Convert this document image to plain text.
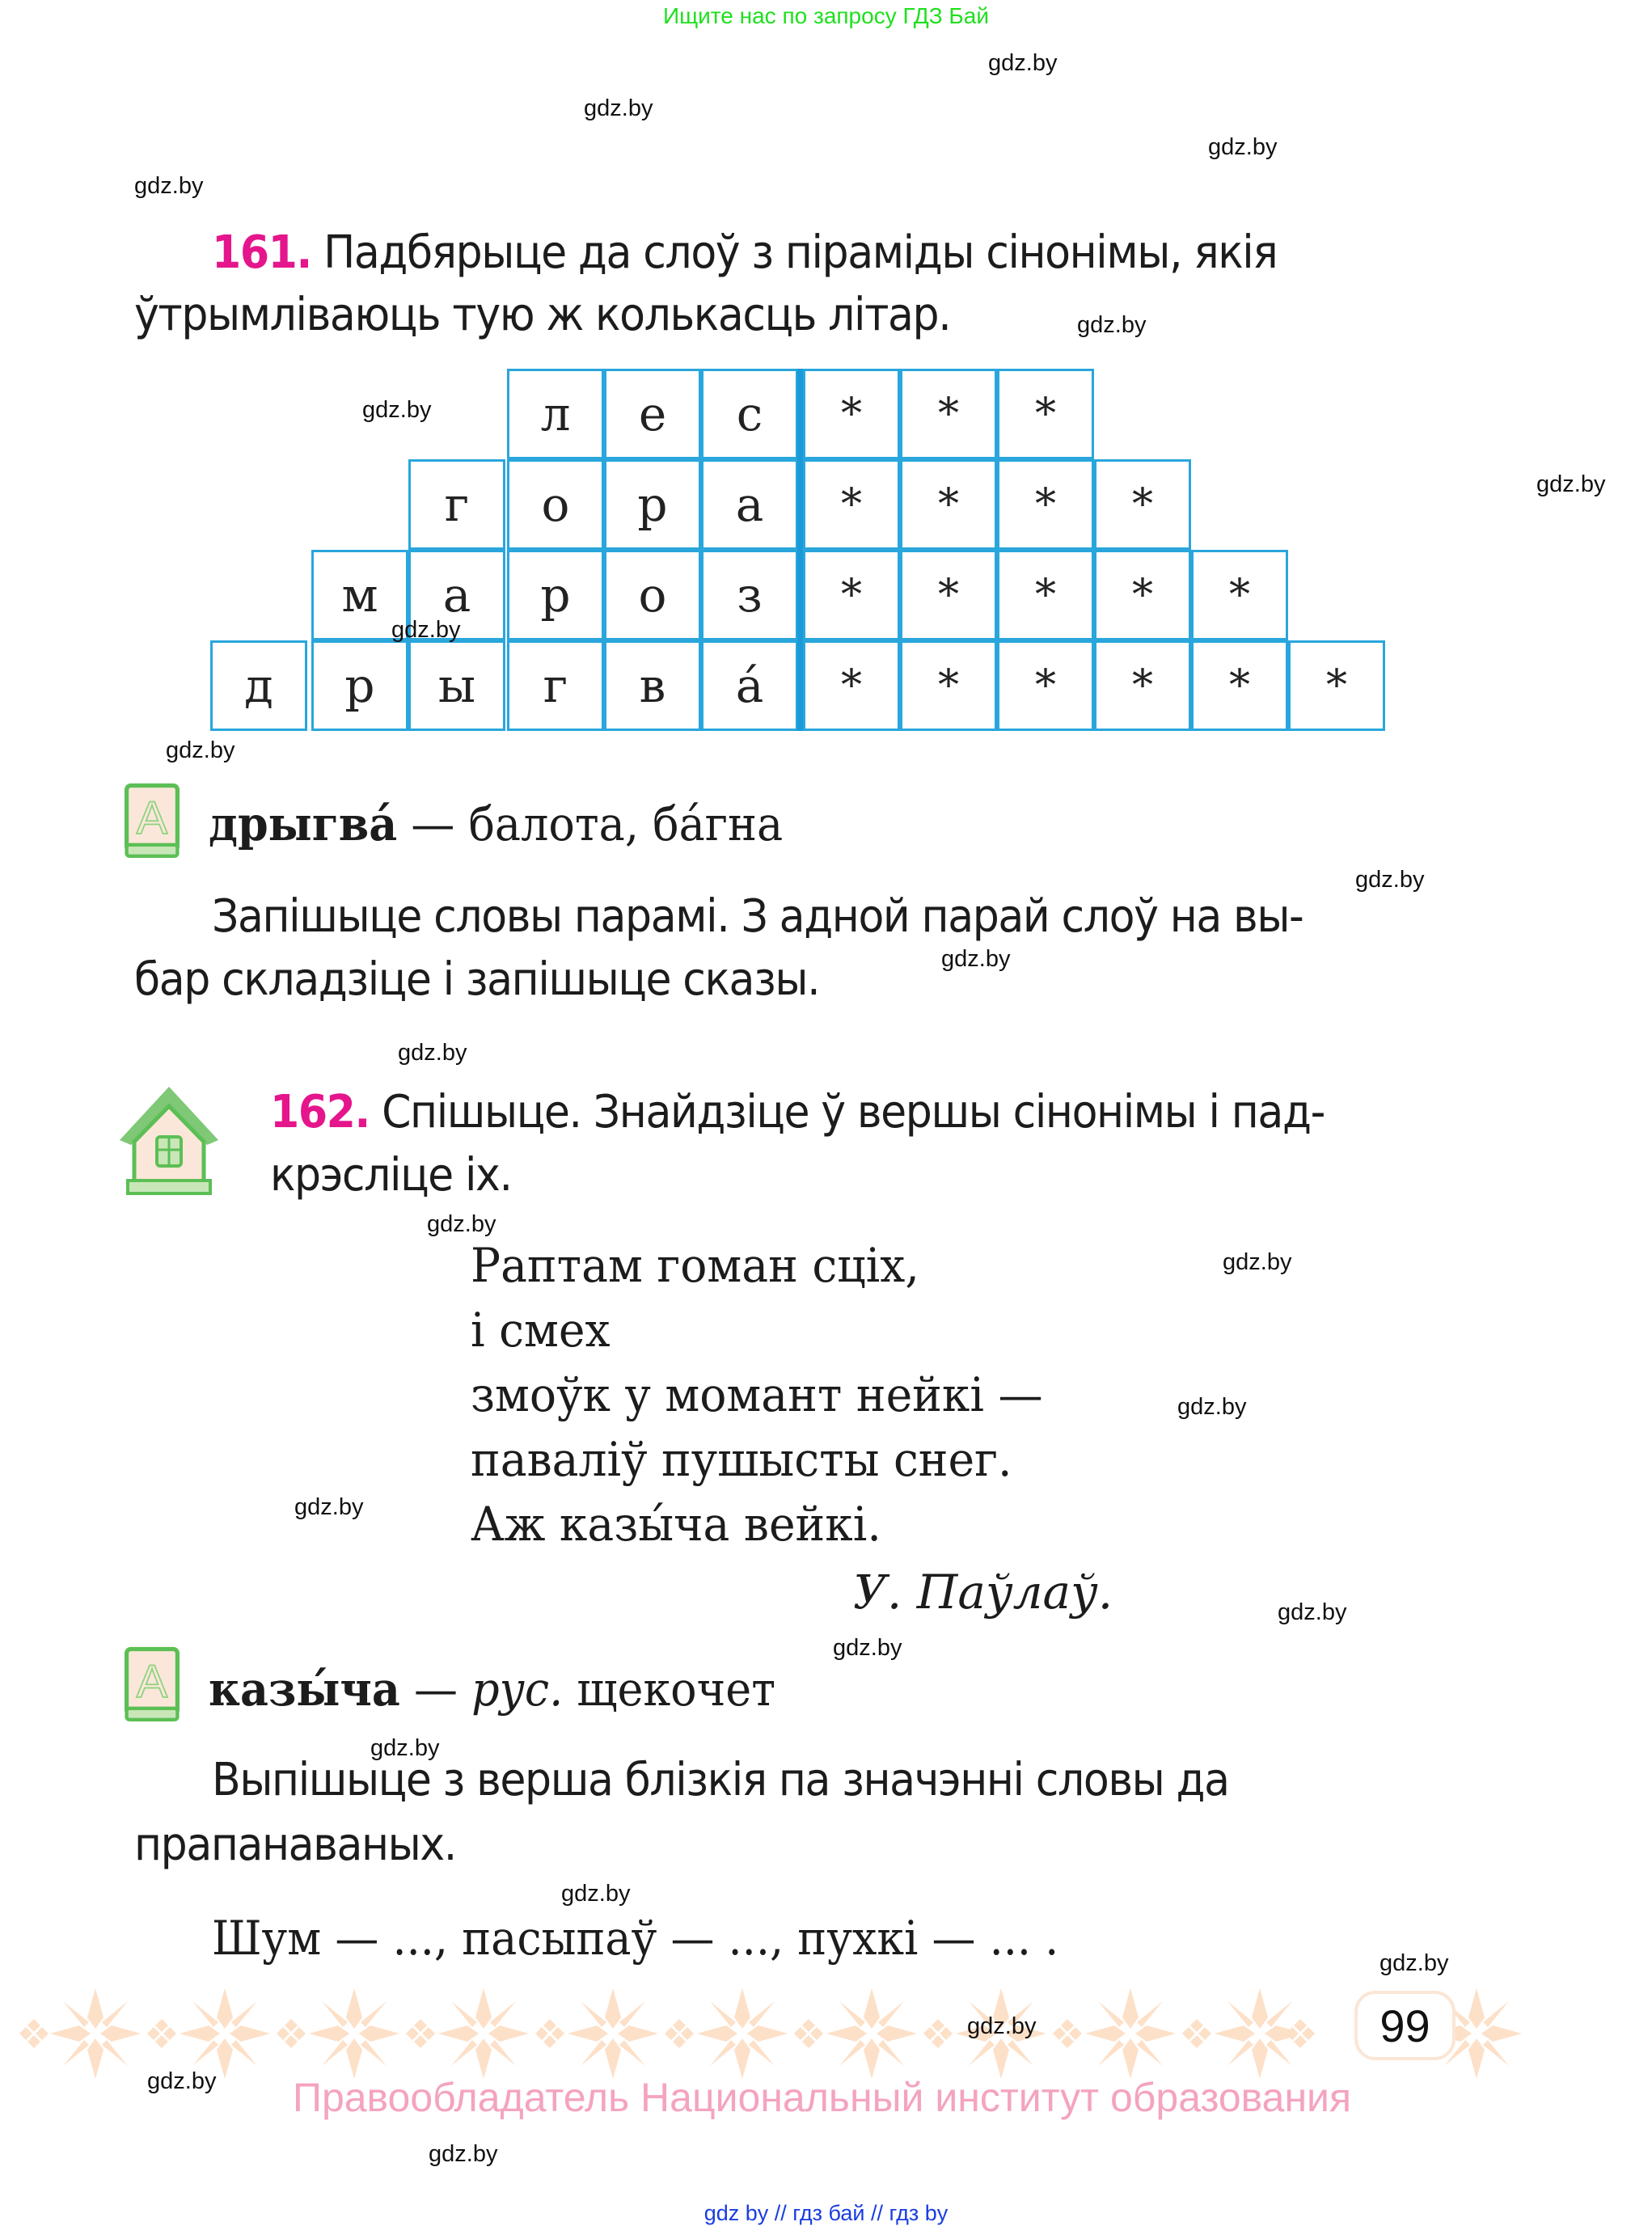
Ищите нас по запросу ГДЗ Бай
gdz.by
gdz.by
gdz.by
gdz.by
161. Падбярыце да слоў з пірамiды сінонімы, якія
ўтрымліваюць тую ж колькасць літар.	gdz.by
л	е	с	*	*	*
г	о	р	а	*	*	*	*
м	а	р	о	з	*	*	*	*	*
д	р	ы	г	в	а́	*	*	*	*	*	*
gdz.by
gdz.by
gdz.by
gdz.by
А дрыгва́ — балота, ба́гна
gdz.by
Запішыце словы парамі. З адной парай слоў на вы-
gdz.by
бар складзіце і запішыце сказы.
gdz.by
162. Спішыце. Знайдзіце ў вершы сінонімы і пад-
крэсліце іх.
gdz.by
Раптам гоман сціх,
і смех
змоўк у момант нейкі —
паваліў пушысты снег.
Аж казы́ча вейкі.
gdz.by
gdz.by
gdz.by
У. Паўлаў.	gdz.by
gdz.by
А казы́ча — рус. щекочет
gdz.by
Выпішыце з верша блізкія па значэнні словы да
прапанаваных.
gdz.by
Шум — ..., пасыпаў — ..., пухкі — ... .	gdz.by
99
gdz.by
gdz.by Правообладатель Национальный институт образования
gdz.by
gdz by // гдз бай // гдз by
